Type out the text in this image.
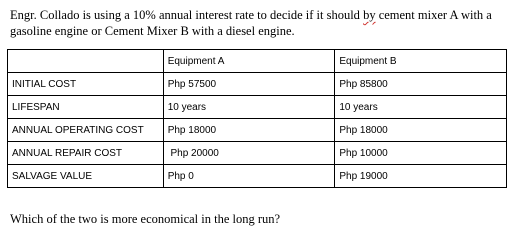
Engr. Collado is using a 10% annual interest rate to decide if it should by cement mixer A with a gasoline engine or Cement Mixer B with a diesel engine.

	Equipment A	Equipment B
INITIAL COST	Php 57500	Php 85800
LIFESPAN	10 years	10 years
ANNUAL OPERATING COST	Php 18000	Php 18000
ANNUAL REPAIR COST	Php 20000	Php 10000
SALVAGE VALUE	Php 0	Php 19000

Which of the two is more economical in the long run?
